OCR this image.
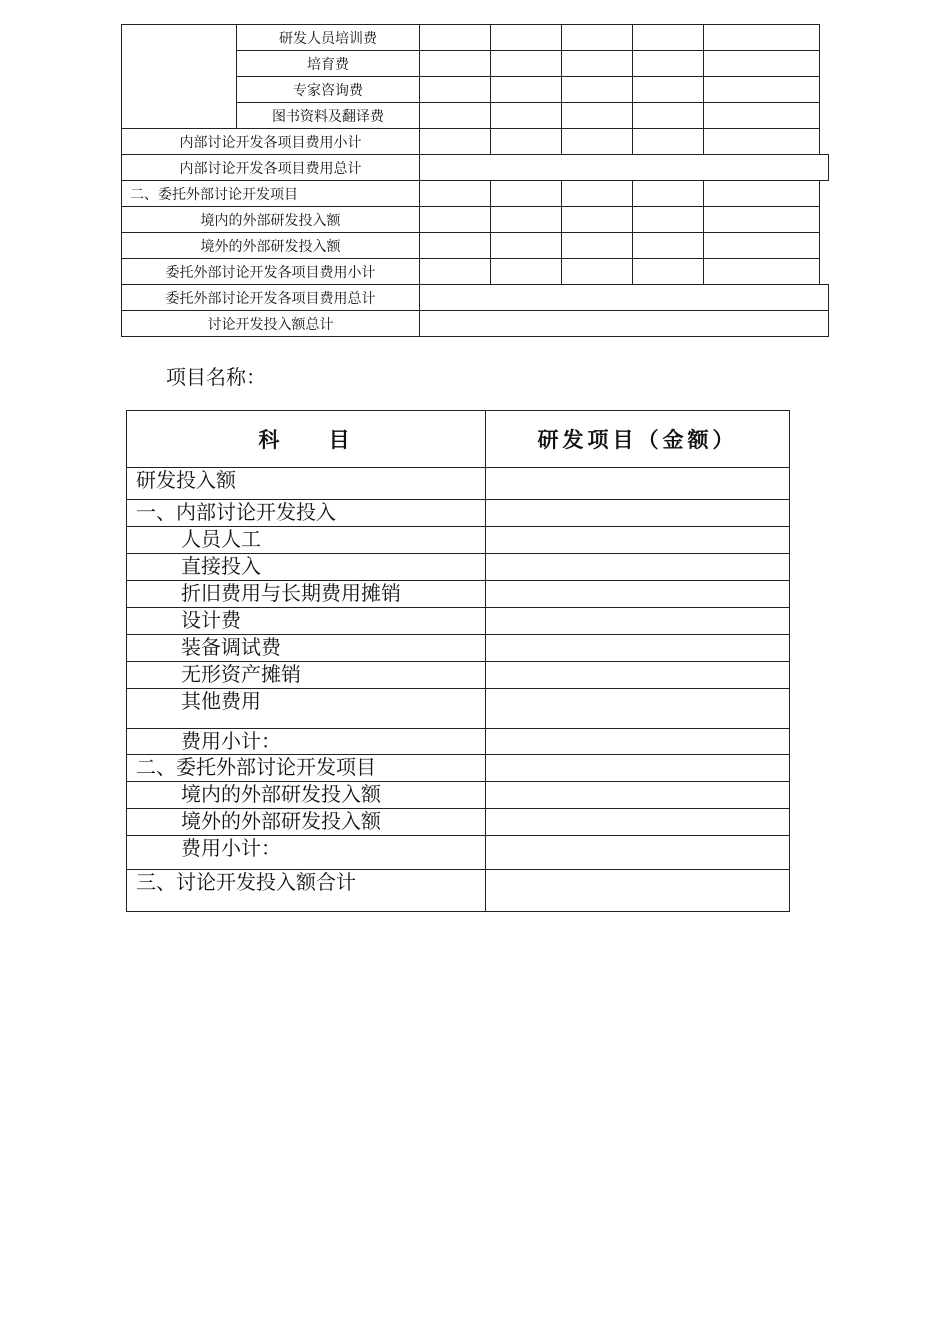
	研发人员培训费						
	培育费						
	专家咨询费						
	图书资料及翻译费						
内部讨论开发各项目费用小计							
内部讨论开发各项目费用总计							
二、委托外部讨论开发项目							
境内的外部研发投入额							
境外的外部研发投入额							
委托外部讨论开发各项目费用小计							
委托外部讨论开发各项目费用总计							
讨论开发投入额总计							
项目名称：
科    目	研发项目（金额）
研发投入额	
一、内部讨论开发投入	
人员人工	
直接投入	
折旧费用与长期费用摊销	
设计费	
装备调试费	
无形资产摊销	
其他费用	
费用小计：	
二、委托外部讨论开发项目	
境内的外部研发投入额	
境外的外部研发投入额	
费用小计：	
三、讨论开发投入额合计	
